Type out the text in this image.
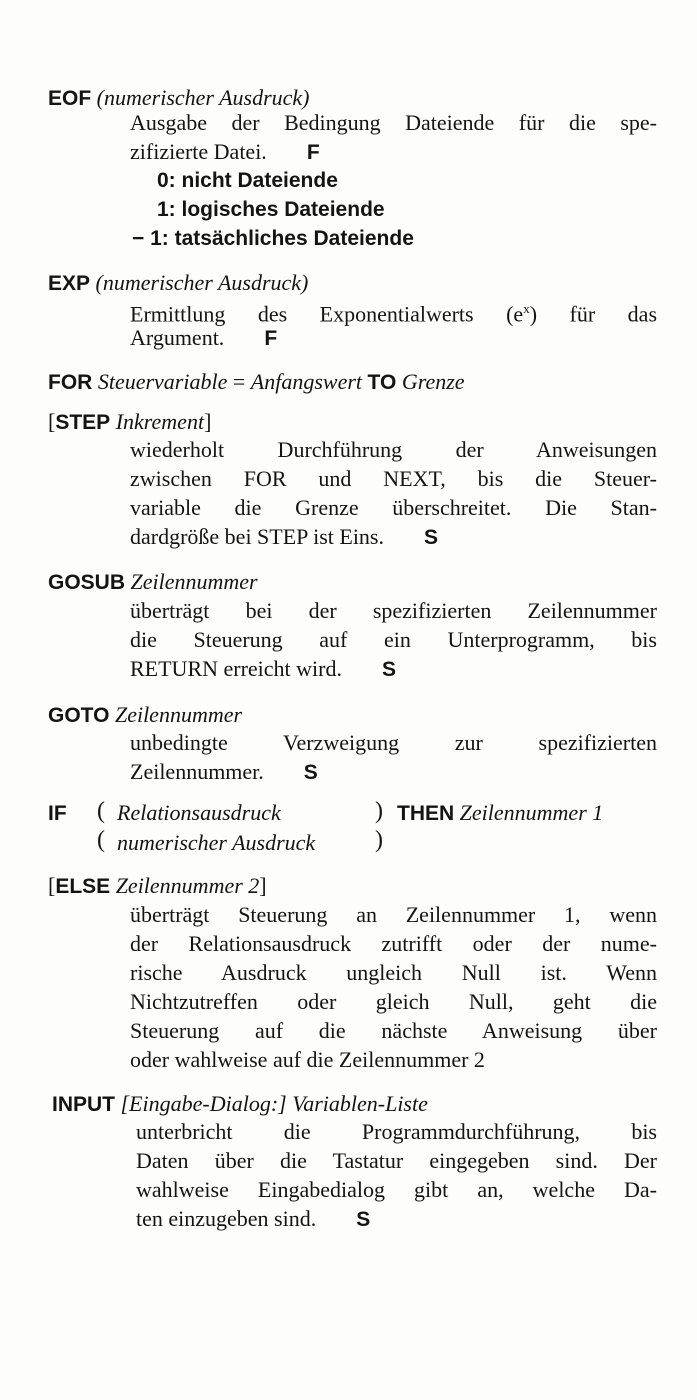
EOF (numerischer Ausdruck)
Ausgabe der Bedingung Dateiende für die spe-
zifizierte Datei. F
0: nicht Dateiende
1: logisches Dateiende
− 1: tatsächliches Dateiende
EXP (numerischer Ausdruck)
Ermittlung des Exponentialwerts $(e^x)$ für das
Argument. F
FOR Steuervariable = Anfangswert TO Grenze
[STEP Inkrement]
wiederholt Durchführung der Anweisungen
zwischen FOR und NEXT, bis die Steuer-
variable die Grenze überschreitet. Die Stan-
dardgröße bei STEP ist Eins. S
GOSUB Zeilennummer
überträgt bei der spezifizierten Zeilennummer
die Steuerung auf ein Unterprogramm, bis
RETURN erreicht wird. S
GOTO Zeilennummer
unbedingte Verzweigung zur spezifizierten
Zeilennummer. S
IF (
(
Relationsausdruck
numerischer Ausdruck
)
)
THEN Zeilennummer 1
[ELSE Zeilennummer 2]
überträgt Steuerung an Zeilennummer 1, wenn
der Relationsausdruck zutrifft oder der nume-
rische Ausdruck ungleich Null ist. Wenn
Nichtzutreffen oder gleich Null, geht die
Steuerung auf die nächste Anweisung über
oder wahlweise auf die Zeilennummer 2
INPUT [Eingabe-Dialog:] Variablen-Liste
unterbricht die Programmdurchführung, bis
Daten über die Tastatur eingegeben sind. Der
wahlweise Eingabedialog gibt an, welche Da-
ten einzugeben sind. S
